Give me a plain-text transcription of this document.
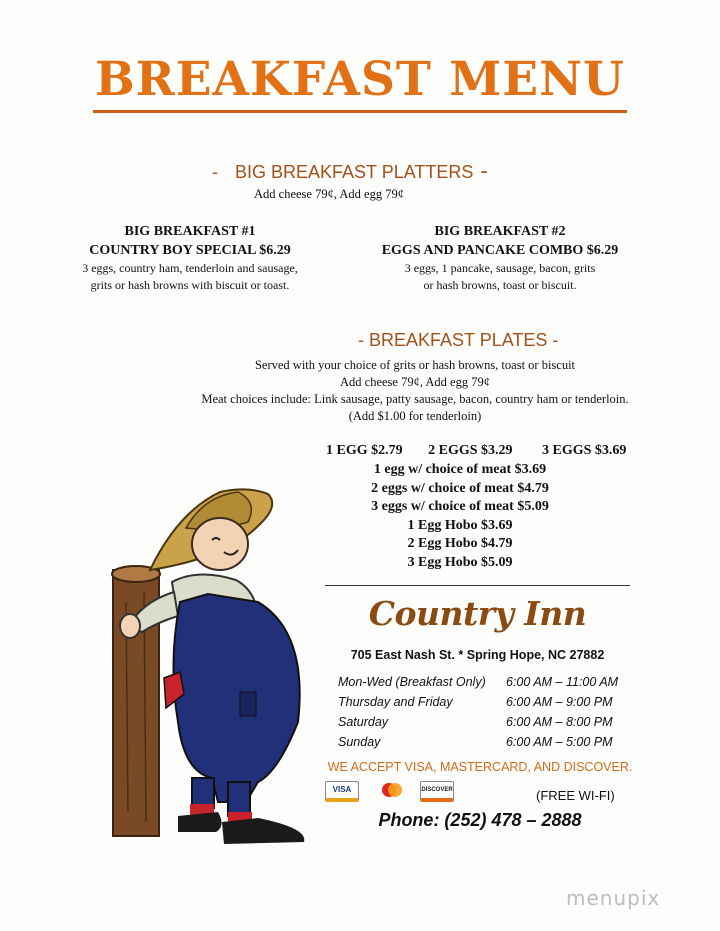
BREAKFAST MENU
- BIG BREAKFAST PLATTERS -
Add cheese 79¢, Add egg 79¢
BIG BREAKFAST #1
COUNTRY BOY SPECIAL $6.29
3 eggs, country ham, tenderloin and sausage,
grits or hash browns with biscuit or toast.
BIG BREAKFAST #2
EGGS AND PANCAKE COMBO $6.29
3 eggs, 1 pancake, sausage, bacon, grits
or hash browns, toast or biscuit.
- BREAKFAST PLATES -
Served with your choice of grits or hash browns, toast or biscuit
Add cheese 79¢, Add egg 79¢
Meat choices include: Link sausage, patty sausage, bacon, country ham or tenderloin.
(Add $1.00 for tenderloin)
1 EGG $2.79 2 EGGS $3.29 3 EGGS $3.69
1 egg w/ choice of meat $3.69
2 eggs w/ choice of meat $4.79
3 eggs w/ choice of meat $5.09
1 Egg Hobo $3.69
2 Egg Hobo $4.79
3 Egg Hobo $5.09
Country Inn
705 East Nash St. * Spring Hope, NC 27882
Mon-Wed (Breakfast Only)	6:00 AM – 11:00 AM
Thursday and Friday	6:00 AM – 9:00 PM
Saturday	6:00 AM – 8:00 PM
Sunday	6:00 AM – 5:00 PM
WE ACCEPT VISA, MASTERCARD, AND DISCOVER.
VISA	DISCOVER	(FREE WI-FI)
Phone: (252) 478 – 2888
menupix
